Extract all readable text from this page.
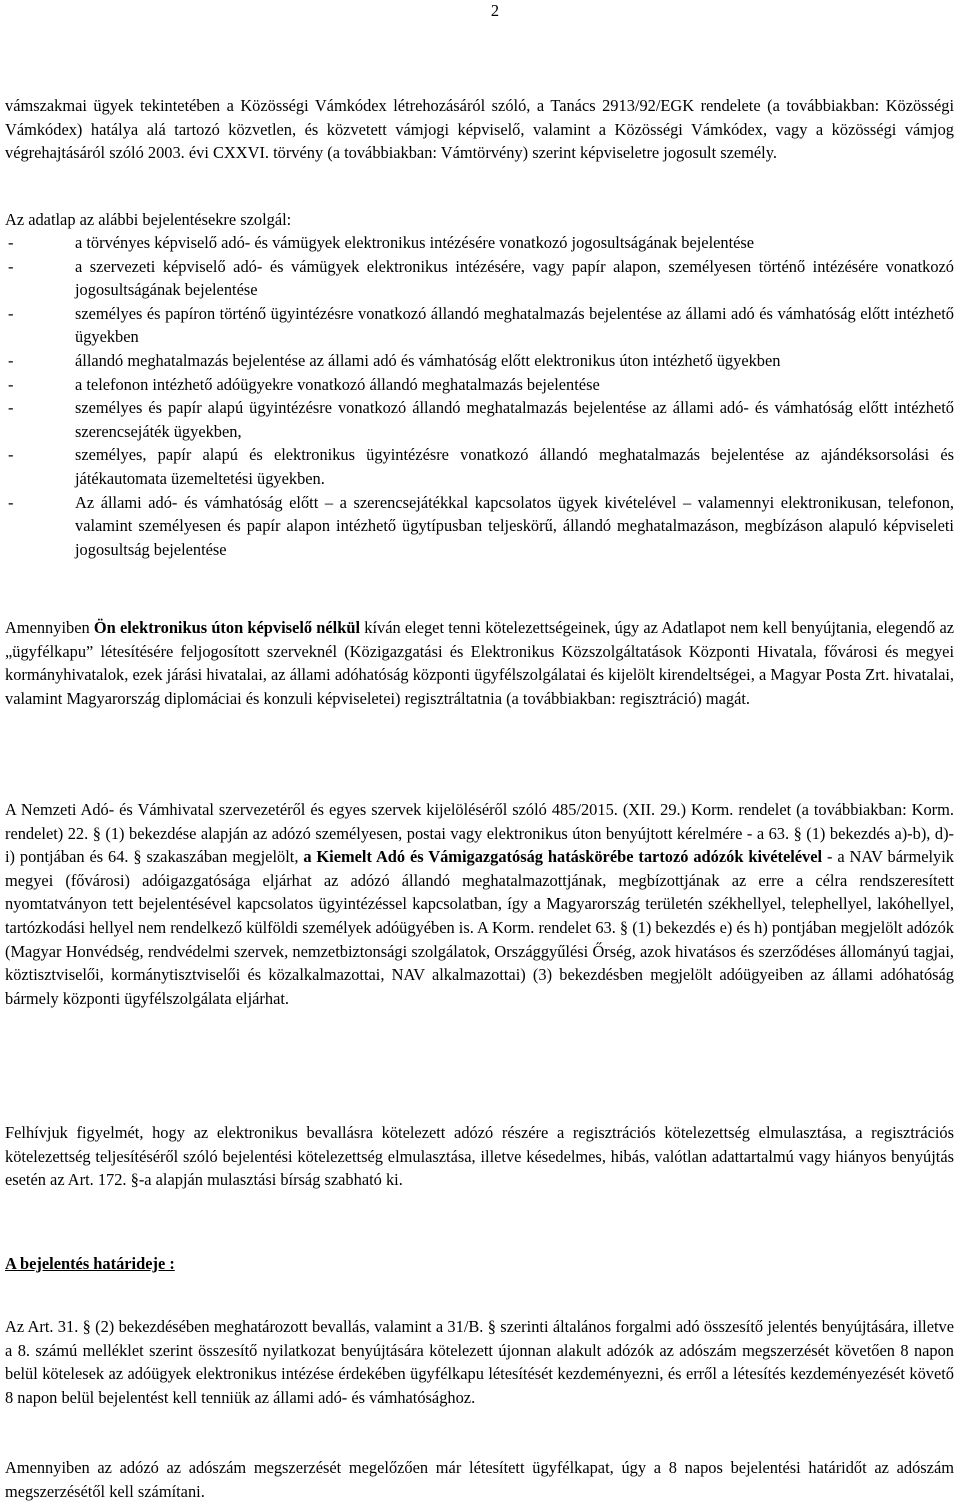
2

vámszakmai ügyek tekintetében a Közösségi Vámkódex létrehozásáról szóló, a Tanács 2913/92/EGK rendelete (a továbbiakban: Közösségi Vámkódex) hatálya alá tartozó közvetlen, és közvetett vámjogi képviselő, valamint a Közösségi Vámkódex, vagy a közösségi vámjog végrehajtásáról szóló 2003. évi CXXVI. törvény (a továbbiakban: Vámtörvény) szerint képviseletre jogosult személy.

Az adatlap az alábbi bejelentésekre szolgál:

-	a törvényes képviselő adó- és vámügyek elektronikus intézésére vonatkozó jogosultságának bejelentése
-	a szervezeti képviselő adó- és vámügyek elektronikus intézésére, vagy papír alapon, személyesen történő intézésére vonatkozó jogosultságának bejelentése
-	személyes és papíron történő ügyintézésre vonatkozó állandó meghatalmazás bejelentése az állami adó és vámhatóság előtt intézhető ügyekben
-	állandó meghatalmazás bejelentése az állami adó és vámhatóság előtt elektronikus úton intézhető ügyekben
-	a telefonon intézhető adóügyekre vonatkozó állandó meghatalmazás bejelentése
-	személyes és papír alapú ügyintézésre vonatkozó állandó meghatalmazás bejelentése az állami adó- és vámhatóság előtt intézhető szerencsejáték ügyekben,
-	személyes, papír alapú és elektronikus ügyintézésre vonatkozó állandó meghatalmazás bejelentése az ajándéksorsolási és játékautomata üzemeltetési ügyekben.
-	Az állami adó- és vámhatóság előtt – a szerencsejátékkal kapcsolatos ügyek kivételével – valamennyi elektronikusan, telefonon, valamint személyesen és papír alapon intézhető ügytípusban teljeskörű, állandó meghatalmazáson, megbízáson alapuló képviseleti jogosultság bejelentése

Amennyiben Ön elektronikus úton képviselő nélkül kíván eleget tenni kötelezettségeinek, úgy az Adatlapot nem kell benyújtania, elegendő az „ügyfélkapu” létesítésére feljogosított szerveknél (Közigazgatási és Elektronikus Közszolgáltatások Központi Hivatala, fővárosi és megyei kormányhivatalok, ezek járási hivatalai, az állami adóhatóság központi ügyfélszolgálatai és kijelölt kirendeltségei, a Magyar Posta Zrt. hivatalai, valamint Magyarország diplomáciai és konzuli képviseletei) regisztráltatnia (a továbbiakban: regisztráció) magát.

A Nemzeti Adó- és Vámhivatal szervezetéről és egyes szervek kijelöléséről szóló 485/2015. (XII. 29.) Korm. rendelet (a továbbiakban: Korm. rendelet) 22. § (1) bekezdése alapján az adózó személyesen, postai vagy elektronikus úton benyújtott kérelmére - a 63. § (1) bekezdés a)-b), d)-i) pontjában és 64. § szakaszában megjelölt, a Kiemelt Adó és Vámigazgatóság hatáskörébe tartozó adózók kivételével - a NAV bármelyik megyei (fővárosi) adóigazgatósága eljárhat az adózó állandó meghatalmazottjának, megbízottjának az erre a célra rendszeresített nyomtatványon tett bejelentésével kapcsolatos ügyintézéssel kapcsolatban, így a Magyarország területén székhellyel, telephellyel, lakóhellyel, tartózkodási hellyel nem rendelkező külföldi személyek adóügyében is. A Korm. rendelet 63. § (1) bekezdés e) és h) pontjában megjelölt adózók (Magyar Honvédség, rendvédelmi szervek, nemzetbiztonsági szolgálatok, Országgyűlési Őrség, azok hivatásos és szerződéses állományú tagjai, köztisztviselői, kormánytisztviselői és közalkalmazottai, NAV alkalmazottai) (3) bekezdésben megjelölt adóügyeiben az állami adóhatóság bármely központi ügyfélszolgálata eljárhat.

Felhívjuk figyelmét, hogy az elektronikus bevallásra kötelezett adózó részére a regisztrációs kötelezettség elmulasztása, a regisztrációs kötelezettség teljesítéséről szóló bejelentési kötelezettség elmulasztása, illetve késedelmes, hibás, valótlan adattartalmú vagy hiányos benyújtás esetén az Art. 172. §-a alapján mulasztási bírság szabható ki.

A bejelentés határideje :

Az Art. 31. § (2) bekezdésében meghatározott bevallás, valamint a 31/B. § szerinti általános forgalmi adó összesítő jelentés benyújtására, illetve a 8. számú melléklet szerint összesítő nyilatkozat benyújtására kötelezett újonnan alakult adózók az adószám megszerzését követően 8 napon belül kötelesek az adóügyek elektronikus intézése érdekében ügyfélkapu létesítését kezdeményezni, és erről a létesítés kezdeményezését követő 8 napon belül bejelentést kell tenniük az állami adó- és vámhatósághoz.

Amennyiben az adózó az adószám megszerzését megelőzően már létesített ügyfélkapat, úgy a 8 napos bejelentési határidőt az adószám megszerzésétől kell számítani.
